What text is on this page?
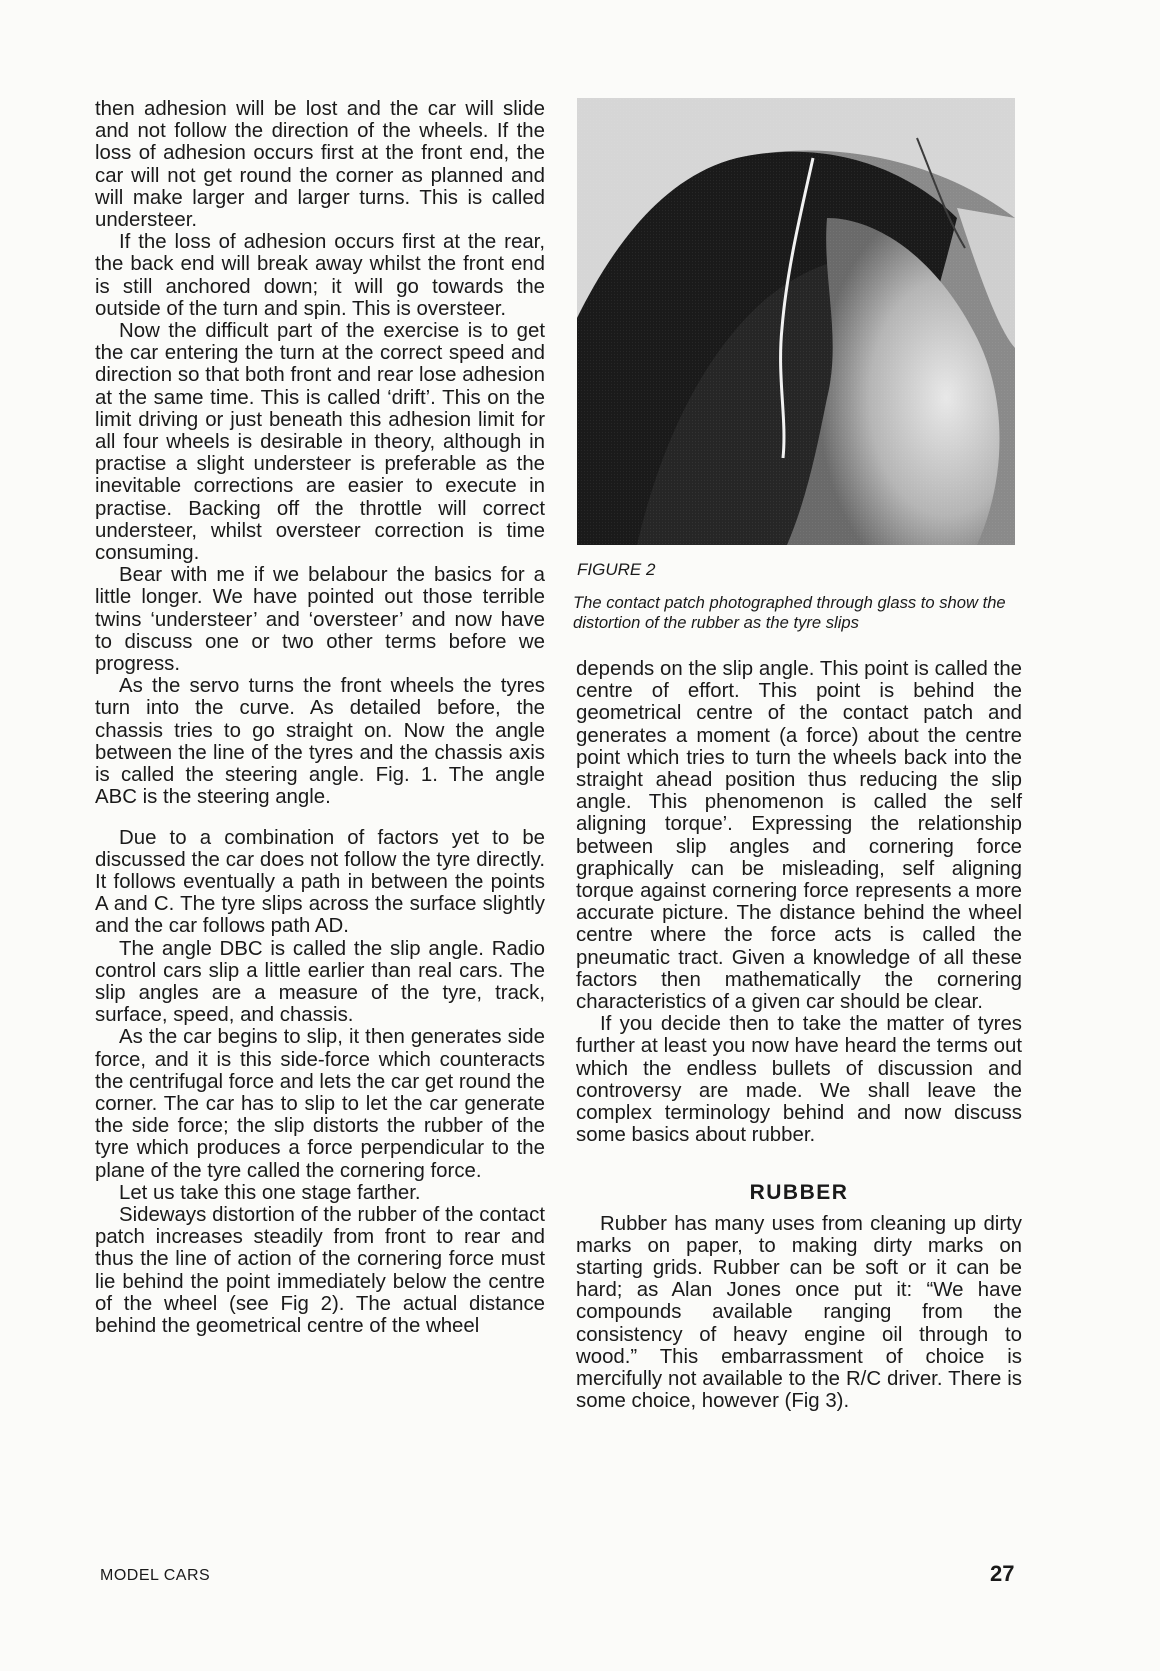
then adhesion will be lost and the car will slide and not follow the direction of the wheels. If the loss of adhesion occurs first at the front end, the car will not get round the corner as planned and will make larger and larger turns. This is called understeer.

If the loss of adhesion occurs first at the rear, the back end will break away whilst the front end is still anchored down; it will go towards the outside of the turn and spin. This is oversteer.

Now the difficult part of the exercise is to get the car entering the turn at the correct speed and direction so that both front and rear lose adhesion at the same time. This is called ‘drift’. This on the limit driving or just beneath this adhesion limit for all four wheels is desirable in theory, although in practise a slight understeer is preferable as the inevitable corrections are easier to execute in practise. Backing off the throttle will correct understeer, whilst oversteer correction is time consuming.

Bear with me if we belabour the basics for a little longer. We have pointed out those terrible twins ‘understeer’ and ‘oversteer’ and now have to discuss one or two other terms before we progress.

As the servo turns the front wheels the tyres turn into the curve. As detailed before, the chassis tries to go straight on. Now the angle between the line of the tyres and the chassis axis is called the steering angle. Fig. 1. The angle ABC is the steering angle.

Due to a combination of factors yet to be discussed the car does not follow the tyre directly. It follows eventually a path in between the points A and C. The tyre slips across the surface slightly and the car follows path AD.

The angle DBC is called the slip angle. Radio control cars slip a little earlier than real cars. The slip angles are a measure of the tyre, track, surface, speed, and chassis.

As the car begins to slip, it then generates side force, and it is this side-force which counteracts the centrifugal force and lets the car get round the corner. The car has to slip to let the car generate the side force; the slip distorts the rubber of the tyre which produces a force perpendicular to the plane of the tyre called the cornering force.

Let us take this one stage farther.

Sideways distortion of the rubber of the contact patch increases steadily from front to rear and thus the line of action of the cornering force must lie behind the point immediately below the centre of the wheel (see Fig 2). The actual distance behind the geometrical centre of the wheel

FIGURE 2
The contact patch photographed through glass to show the distortion of the rubber as the tyre slips

depends on the slip angle. This point is called the centre of effort. This point is behind the geometrical centre of the contact patch and generates a moment (a force) about the centre point which tries to turn the wheels back into the straight ahead position thus reducing the slip angle. This phenomenon is called the self aligning torque’. Expressing the relationship between slip angles and cornering force graphically can be misleading, self aligning torque against cornering force represents a more accurate picture. The distance behind the wheel centre where the force acts is called the pneumatic tract. Given a knowledge of all these factors then mathematically the cornering characteristics of a given car should be clear.

If you decide then to take the matter of tyres further at least you now have heard the terms out which the endless bullets of discussion and controversy are made. We shall leave the complex terminology behind and now discuss some basics about rubber.

RUBBER

Rubber has many uses from cleaning up dirty marks on paper, to making dirty marks on starting grids. Rubber can be soft or it can be hard; as Alan Jones once put it: “We have compounds available ranging from the consistency of heavy engine oil through to wood.” This embarrassment of choice is mercifully not available to the R/C driver. There is some choice, however (Fig 3).

MODEL CARS	27
